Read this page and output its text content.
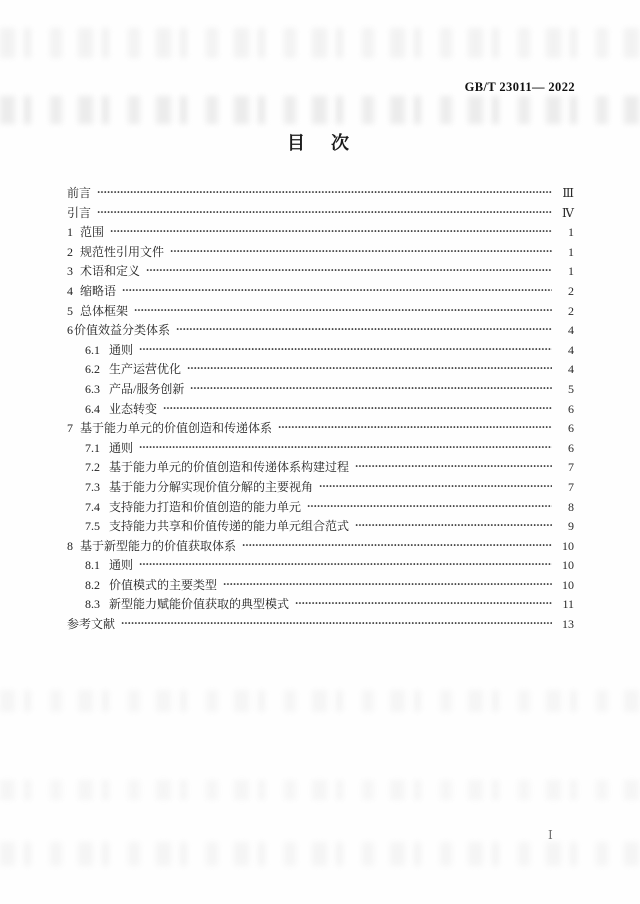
GB/T 23011— 2022
目　次
前言	Ⅲ
引言	Ⅳ
1 范围	1
2 规范性引用文件	1
3 术语和定义	1
4 缩略语	2
5 总体框架	2
6 价值效益分类体系	4
6.1 通则	4
6.2 生产运营优化	4
6.3 产品/服务创新	5
6.4 业态转变	6
7 基于能力单元的价值创造和传递体系	6
7.1 通则	6
7.2 基于能力单元的价值创造和传递体系构建过程	7
7.3 基于能力分解实现价值分解的主要视角	7
7.4 支持能力打造和价值创造的能力单元	8
7.5 支持能力共享和价值传递的能力单元组合范式	9
8 基于新型能力的价值获取体系	10
8.1 通则	10
8.2 价值模式的主要类型	10
8.3 新型能力赋能价值获取的典型模式	11
参考文献	13
Ⅰ
